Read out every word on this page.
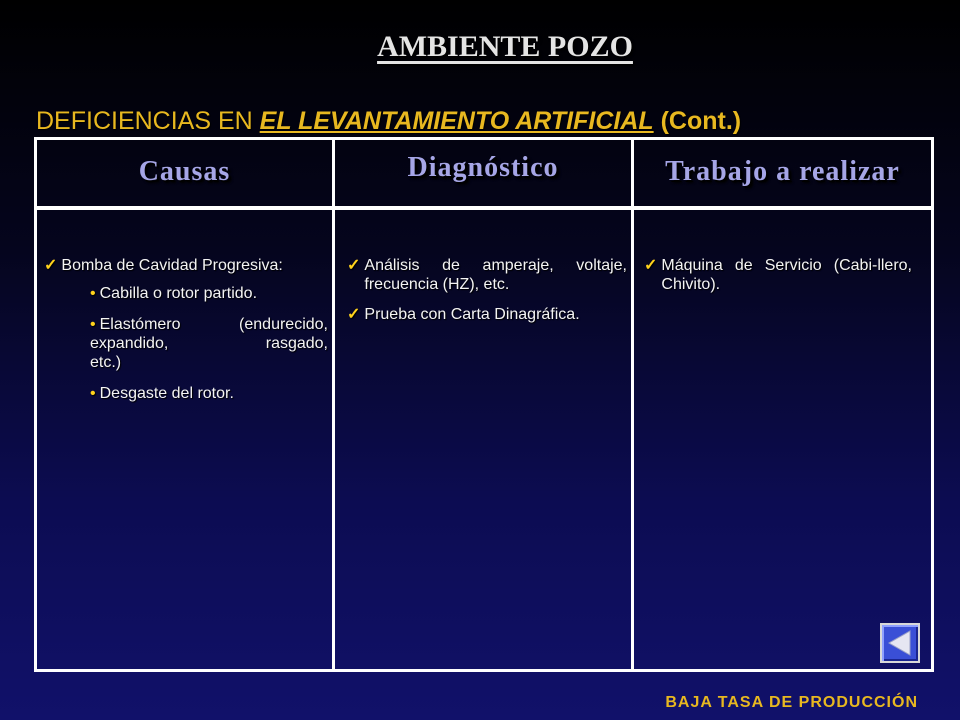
AMBIENTE POZO
DEFICIENCIAS EN EL LEVANTAMIENTO ARTIFICIAL (Cont.)
Causas	Diagnóstico	Trabajo a realizar
✓ Bomba de Cavidad Progresiva:
• Cabilla o rotor partido.
• Elastómero (endurecido, expandido, rasgado, etc.)
• Desgaste del rotor.
✓ Análisis de amperaje, voltaje, frecuencia (HZ), etc.
✓ Prueba con Carta Dinagráfica.
✓ Máquina de Servicio (Cabi-llero, Chivito).
BAJA TASA DE PRODUCCIÓN
